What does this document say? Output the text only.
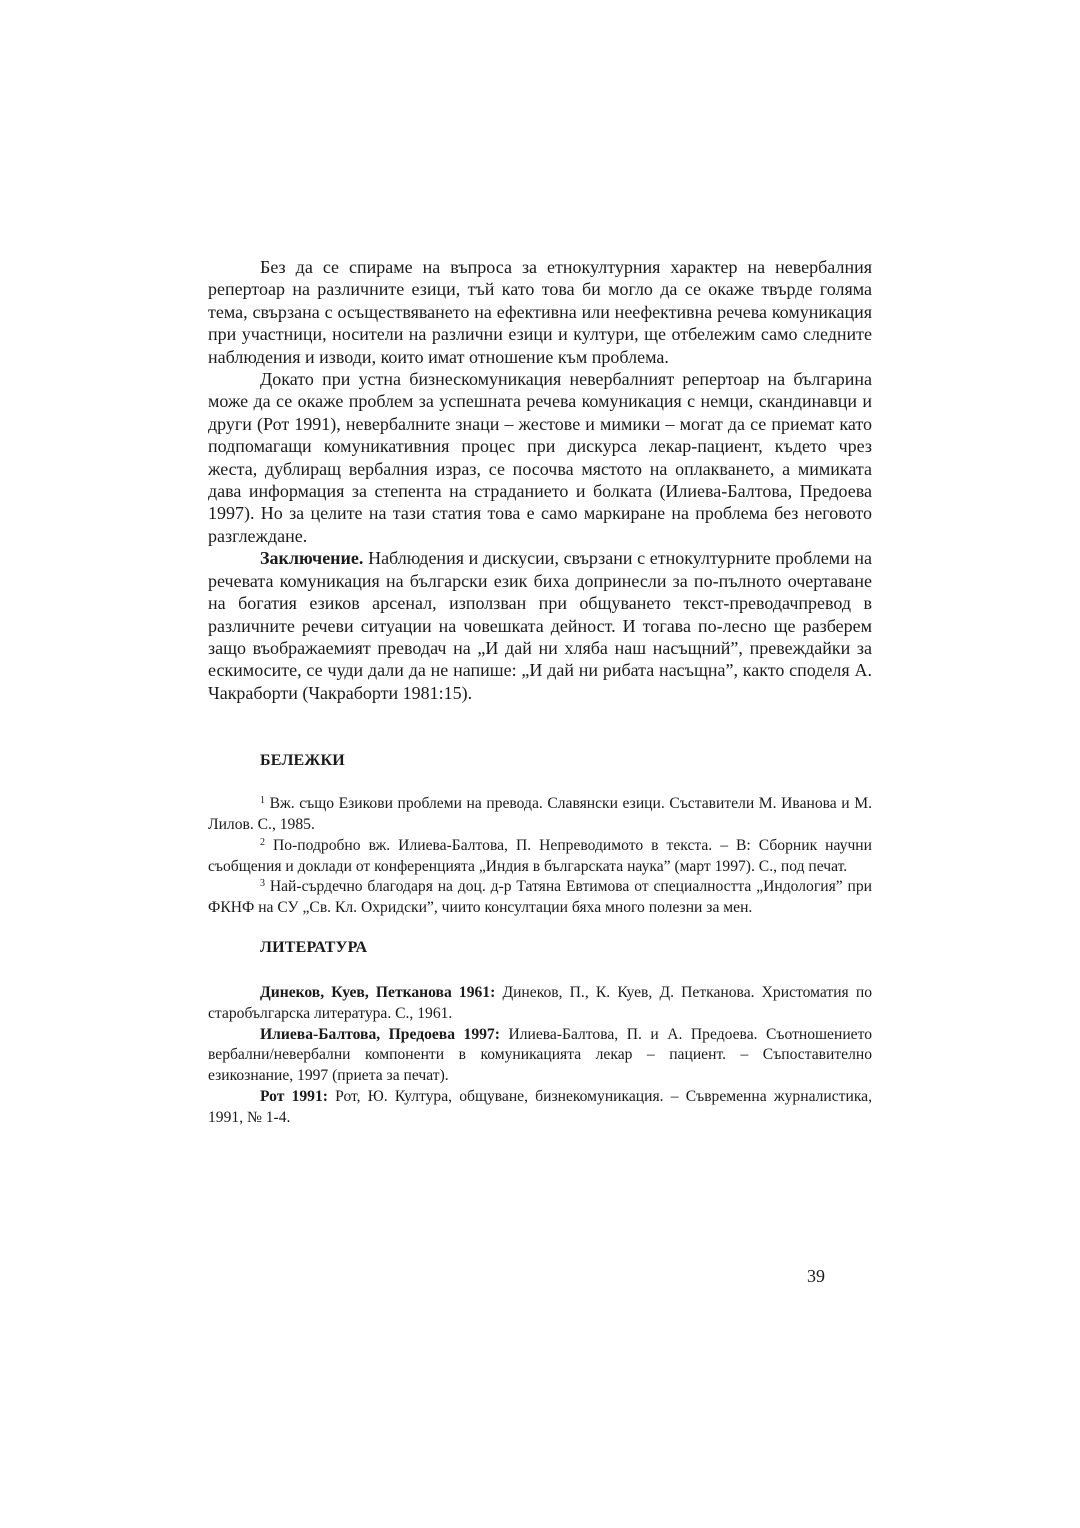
Без да се спираме на въпроса за етнокултурния характер на невербалния репертоар на различните езици, тъй като това би могло да се окаже твърде голяма тема, свързана с осъществяването на ефективна или неефективна речева комуникация при участници, носители на различни езици и култури, ще отбележим само следните наблюдения и изводи, които имат отношение към проблема.

Докато при устна бизнескомуникация невербалният репертоар на българина може да се окаже проблем за успешната речева комуникация с немци, скандинавци и други (Рот 1991), невербалните знаци – жестове и мимики – могат да се приемат като подпомагащи комуникативния процес при дискурса лекар-пациент, където чрез жеста, дублиращ вербалния израз, се посочва мястото на оплакването, а мимиката дава информация за степента на страданието и болката (Илиева-Балтова, Предоева 1997). Но за целите на тази статия това е само маркиране на проблема без неговото разглеждане.

Заключение. Наблюдения и дискусии, свързани с етнокултурните проблеми на речевата комуникация на български език биха допринесли за по-пълното очертаване на богатия езиков арсенал, използван при общуването текст-преводачпревод в различните речеви ситуации на човешката дейност. И тогава по-лесно ще разберем защо въображаемият преводач на „И дай ни хляба наш насъщний”, превеждайки за ескимосите, се чуди дали да не напише: „И дай ни рибата насъщна”, както споделя А. Чакраборти (Чакраборти 1981:15).

БЕЛЕЖКИ

$^1$ Вж. също Езикови проблеми на превода. Славянски езици. Съставители М. Иванова и М. Лилов. С., 1985.

$^2$ По-подробно вж. Илиева-Балтова, П. Непреводимото в текста. – В: Сборник научни съобщения и доклади от конференцията „Индия в българската наука” (март 1997). С., под печат.

$^3$ Най-сърдечно благодаря на доц. д-р Татяна Евтимова от специалността „Индология” при ФКНФ на СУ „Св. Кл. Охридски”, чиито консултации бяха много полезни за мен.

ЛИТЕРАТУРА

Динеков, Куев, Петканова 1961: Динеков, П., К. Куев, Д. Петканова. Христоматия по старобългарска литература. С., 1961.

Илиева-Балтова, Предоева 1997: Илиева-Балтова, П. и А. Предоева. Съотношението вербални/невербални компоненти в комуникацията лекар – пациент. – Съпоставително езикознание, 1997 (приета за печат).

Рот 1991: Рот, Ю. Култура, общуване, бизнекомуникация. – Съвременна журналистика, 1991, № 1-4.

39
